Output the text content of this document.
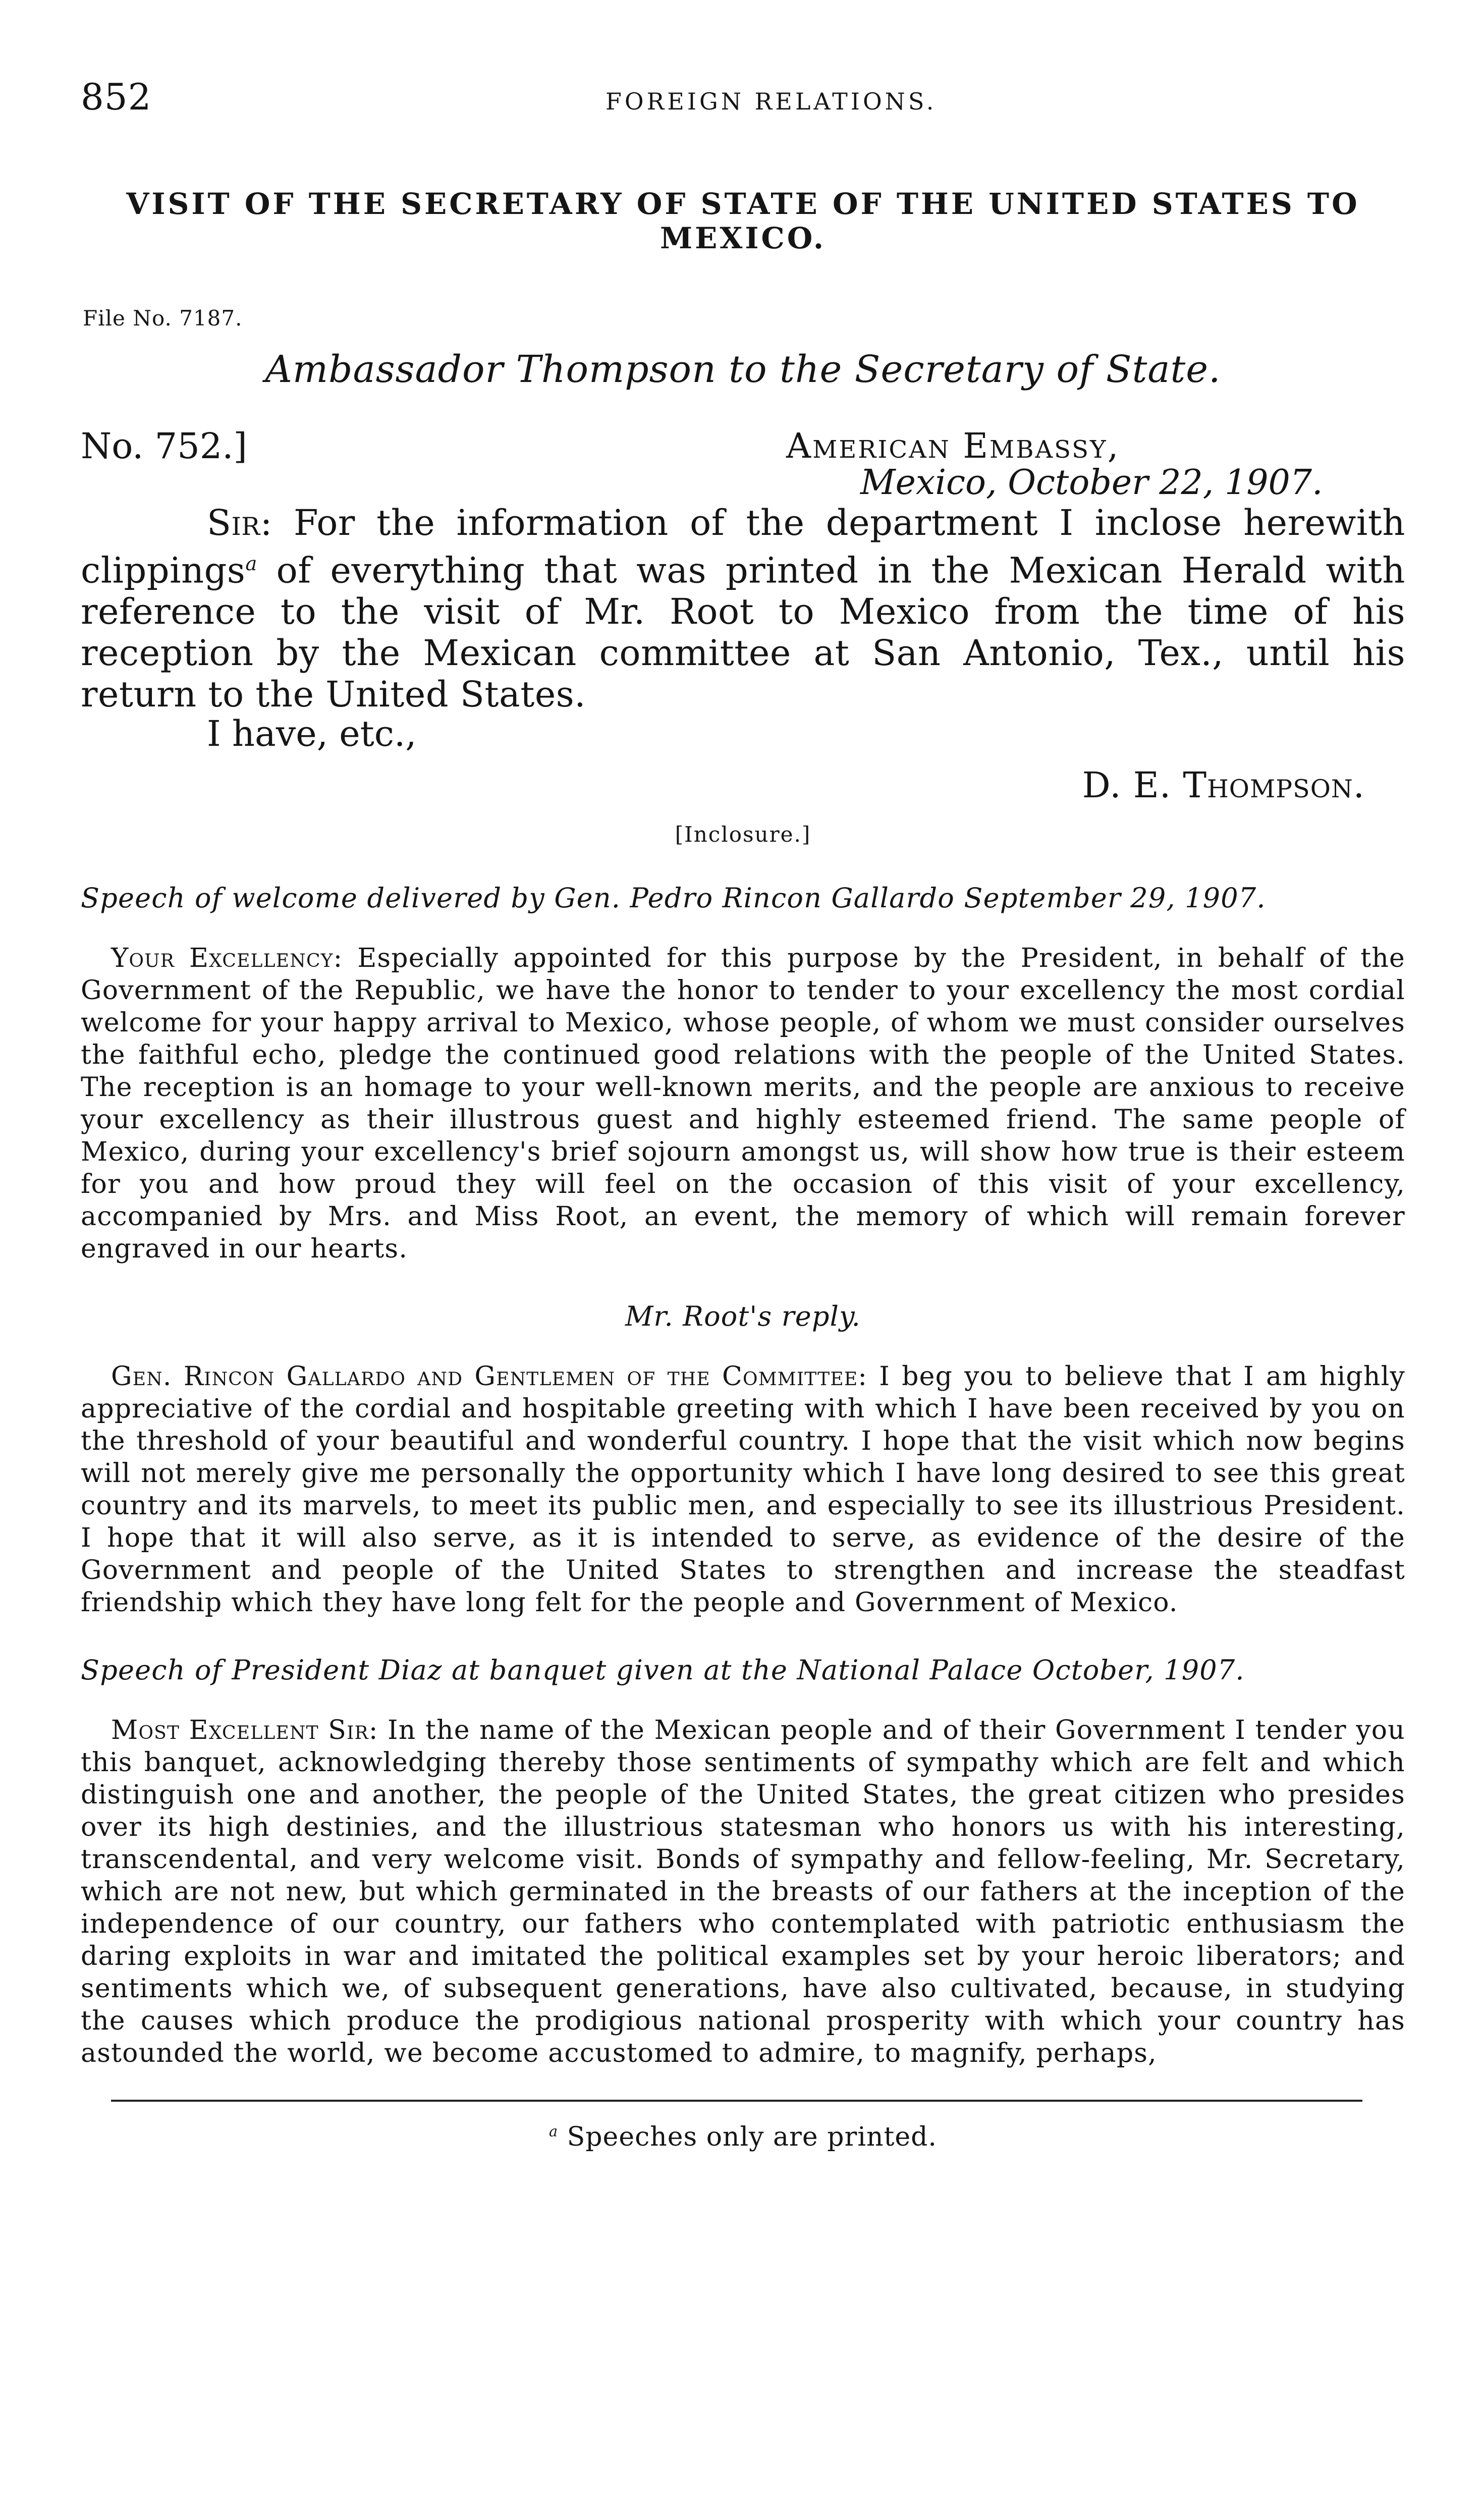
852	FOREIGN RELATIONS.
VISIT OF THE SECRETARY OF STATE OF THE UNITED STATES TO MEXICO.
File No. 7187.
Ambassador Thompson to the Secretary of State.
No. 752.]	American Embassy,
Mexico, October 22, 1907.

Sir: For the information of the department I inclose herewith clippings$^a$ of everything that was printed in the Mexican Herald with reference to the visit of Mr. Root to Mexico from the time of his reception by the Mexican committee at San Antonio, Tex., until his return to the United States.

I have, etc.,
D. E. Thompson.
[Inclosure.]
Speech of welcome delivered by Gen. Pedro Rincon Gallardo September 29, 1907.

Your Excellency: Especially appointed for this purpose by the President, in behalf of the Government of the Republic, we have the honor to tender to your excellency the most cordial welcome for your happy arrival to Mexico, whose people, of whom we must consider ourselves the faithful echo, pledge the continued good relations with the people of the United States. The reception is an homage to your well-known merits, and the people are anxious to receive your excellency as their illustrous guest and highly esteemed friend. The same people of Mexico, during your excellency's brief sojourn amongst us, will show how true is their esteem for you and how proud they will feel on the occasion of this visit of your excellency, accompanied by Mrs. and Miss Root, an event, the memory of which will remain forever engraved in our hearts.

Mr. Root's reply.

Gen. Rincon Gallardo and Gentlemen of the Committee: I beg you to believe that I am highly appreciative of the cordial and hospitable greeting with which I have been received by you on the threshold of your beautiful and wonderful country. I hope that the visit which now begins will not merely give me personally the opportunity which I have long desired to see this great country and its marvels, to meet its public men, and especially to see its illustrious President. I hope that it will also serve, as it is intended to serve, as evidence of the desire of the Government and people of the United States to strengthen and increase the steadfast friendship which they have long felt for the people and Government of Mexico.

Speech of President Diaz at banquet given at the National Palace October, 1907.

Most Excellent Sir: In the name of the Mexican people and of their Government I tender you this banquet, acknowledging thereby those sentiments of sympathy which are felt and which distinguish one and another, the people of the United States, the great citizen who presides over its high destinies, and the illustrious statesman who honors us with his interesting, transcendental, and very welcome visit. Bonds of sympathy and fellow-feeling, Mr. Secretary, which are not new, but which germinated in the breasts of our fathers at the inception of the independence of our country, our fathers who contemplated with patriotic enthusiasm the daring exploits in war and imitated the political examples set by your heroic liberators; and sentiments which we, of subsequent generations, have also cultivated, because, in studying the causes which produce the prodigious national prosperity with which your country has astounded the world, we become accustomed to admire, to magnify, perhaps,

$^a$ Speeches only are printed.
